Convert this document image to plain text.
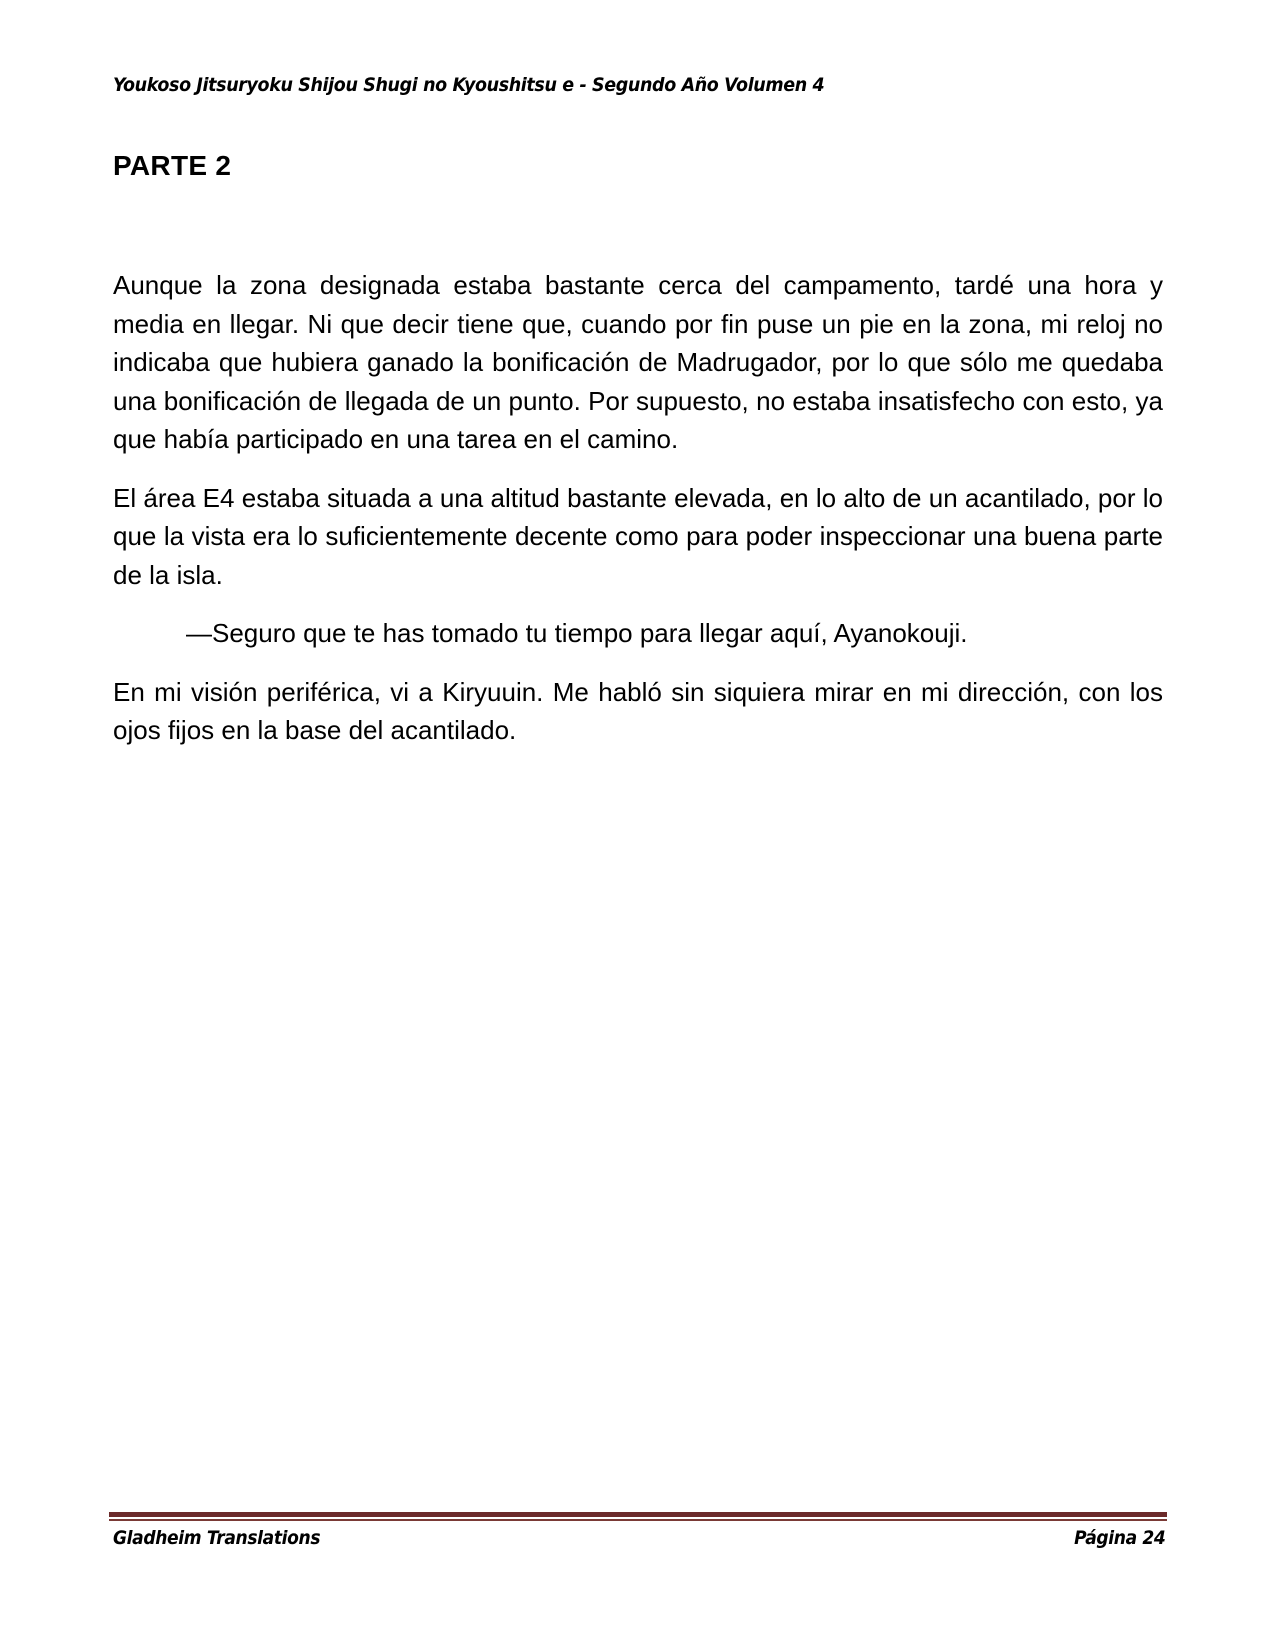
Youkoso Jitsuryoku Shijou Shugi no Kyoushitsu e - Segundo Año Volumen 4
PARTE 2

Aunque la zona designada estaba bastante cerca del campamento, tardé una hora y media en llegar. Ni que decir tiene que, cuando por fin puse un pie en la zona, mi reloj no indicaba que hubiera ganado la bonificación de Madrugador, por lo que sólo me quedaba una bonificación de llegada de un punto. Por supuesto, no estaba insatisfecho con esto, ya que había participado en una tarea en el camino.

El área E4 estaba situada a una altitud bastante elevada, en lo alto de un acantilado, por lo que la vista era lo suficientemente decente como para poder inspeccionar una buena parte de la isla.

—Seguro que te has tomado tu tiempo para llegar aquí, Ayanokouji.

En mi visión periférica, vi a Kiryuuin. Me habló sin siquiera mirar en mi dirección, con los ojos fijos en la base del acantilado.

Gladheim Translations	Página 24
